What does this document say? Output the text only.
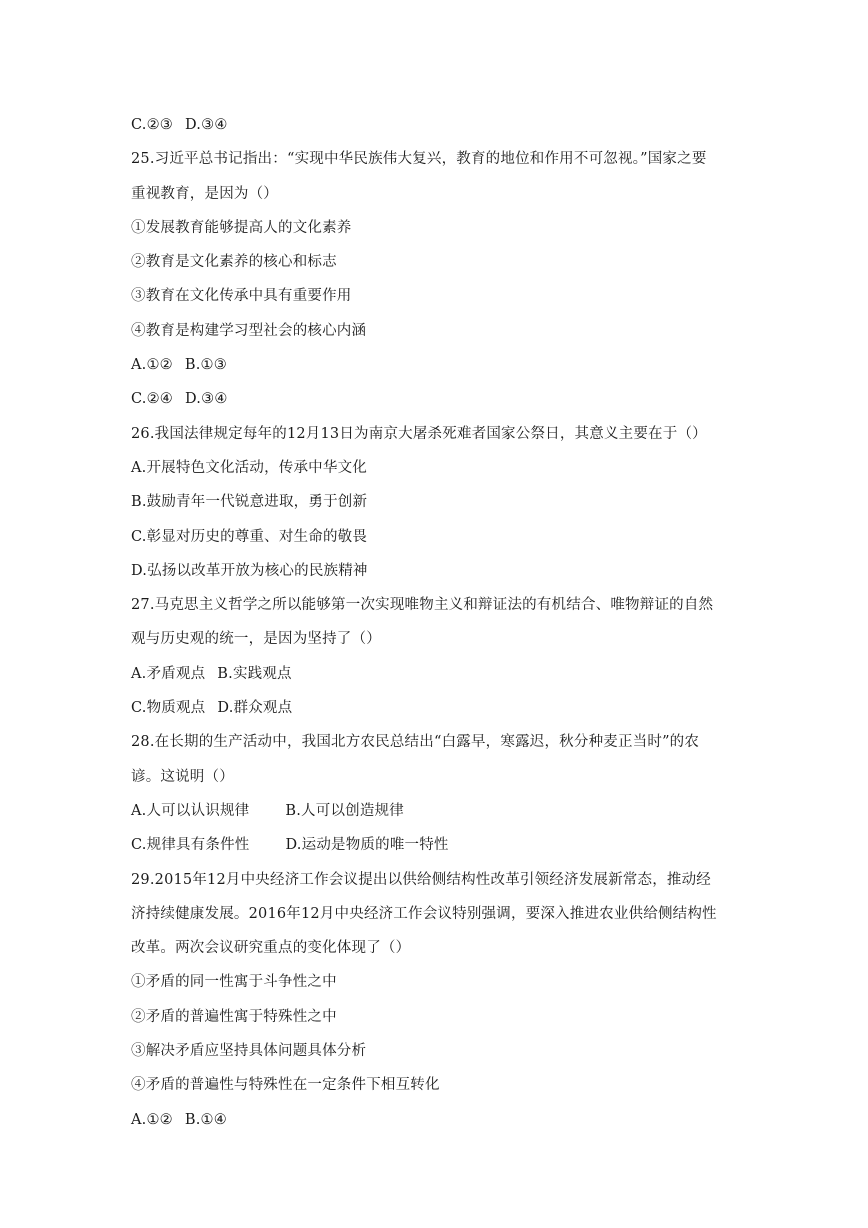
C.②③ D.③④
25.习近平总书记指出：“实现中华民族伟大复兴，教育的地位和作用不可忽视。”国家之要
重视教育，是因为（）
①发展教育能够提高人的文化素养
②教育是文化素养的核心和标志
③教育在文化传承中具有重要作用
④教育是构建学习型社会的核心内涵
A.①② B.①③
C.②④ D.③④
26.我国法律规定每年的12月13日为南京大屠杀死难者国家公祭日，其意义主要在于（）
A.开展特色文化活动，传承中华文化
B.鼓励青年一代锐意进取，勇于创新
C.彰显对历史的尊重、对生命的敬畏
D.弘扬以改革开放为核心的民族精神
27.马克思主义哲学之所以能够第一次实现唯物主义和辩证法的有机结合、唯物辩证的自然
观与历史观的统一，是因为坚持了（）
A.矛盾观点 B.实践观点
C.物质观点 D.群众观点
28.在长期的生产活动中，我国北方农民总结出“白露早，寒露迟，秋分种麦正当时”的农
谚。这说明（）
A.人可以认识规律 B.人可以创造规律
C.规律具有条件性 D.运动是物质的唯一特性
29.2015年12月中央经济工作会议提出以供给侧结构性改革引领经济发展新常态，推动经
济持续健康发展。2016年12月中央经济工作会议特别强调，要深入推进农业供给侧结构性
改革。两次会议研究重点的变化体现了（）
①矛盾的同一性寓于斗争性之中
②矛盾的普遍性寓于特殊性之中
③解决矛盾应坚持具体问题具体分析
④矛盾的普遍性与特殊性在一定条件下相互转化
A.①② B.①④
